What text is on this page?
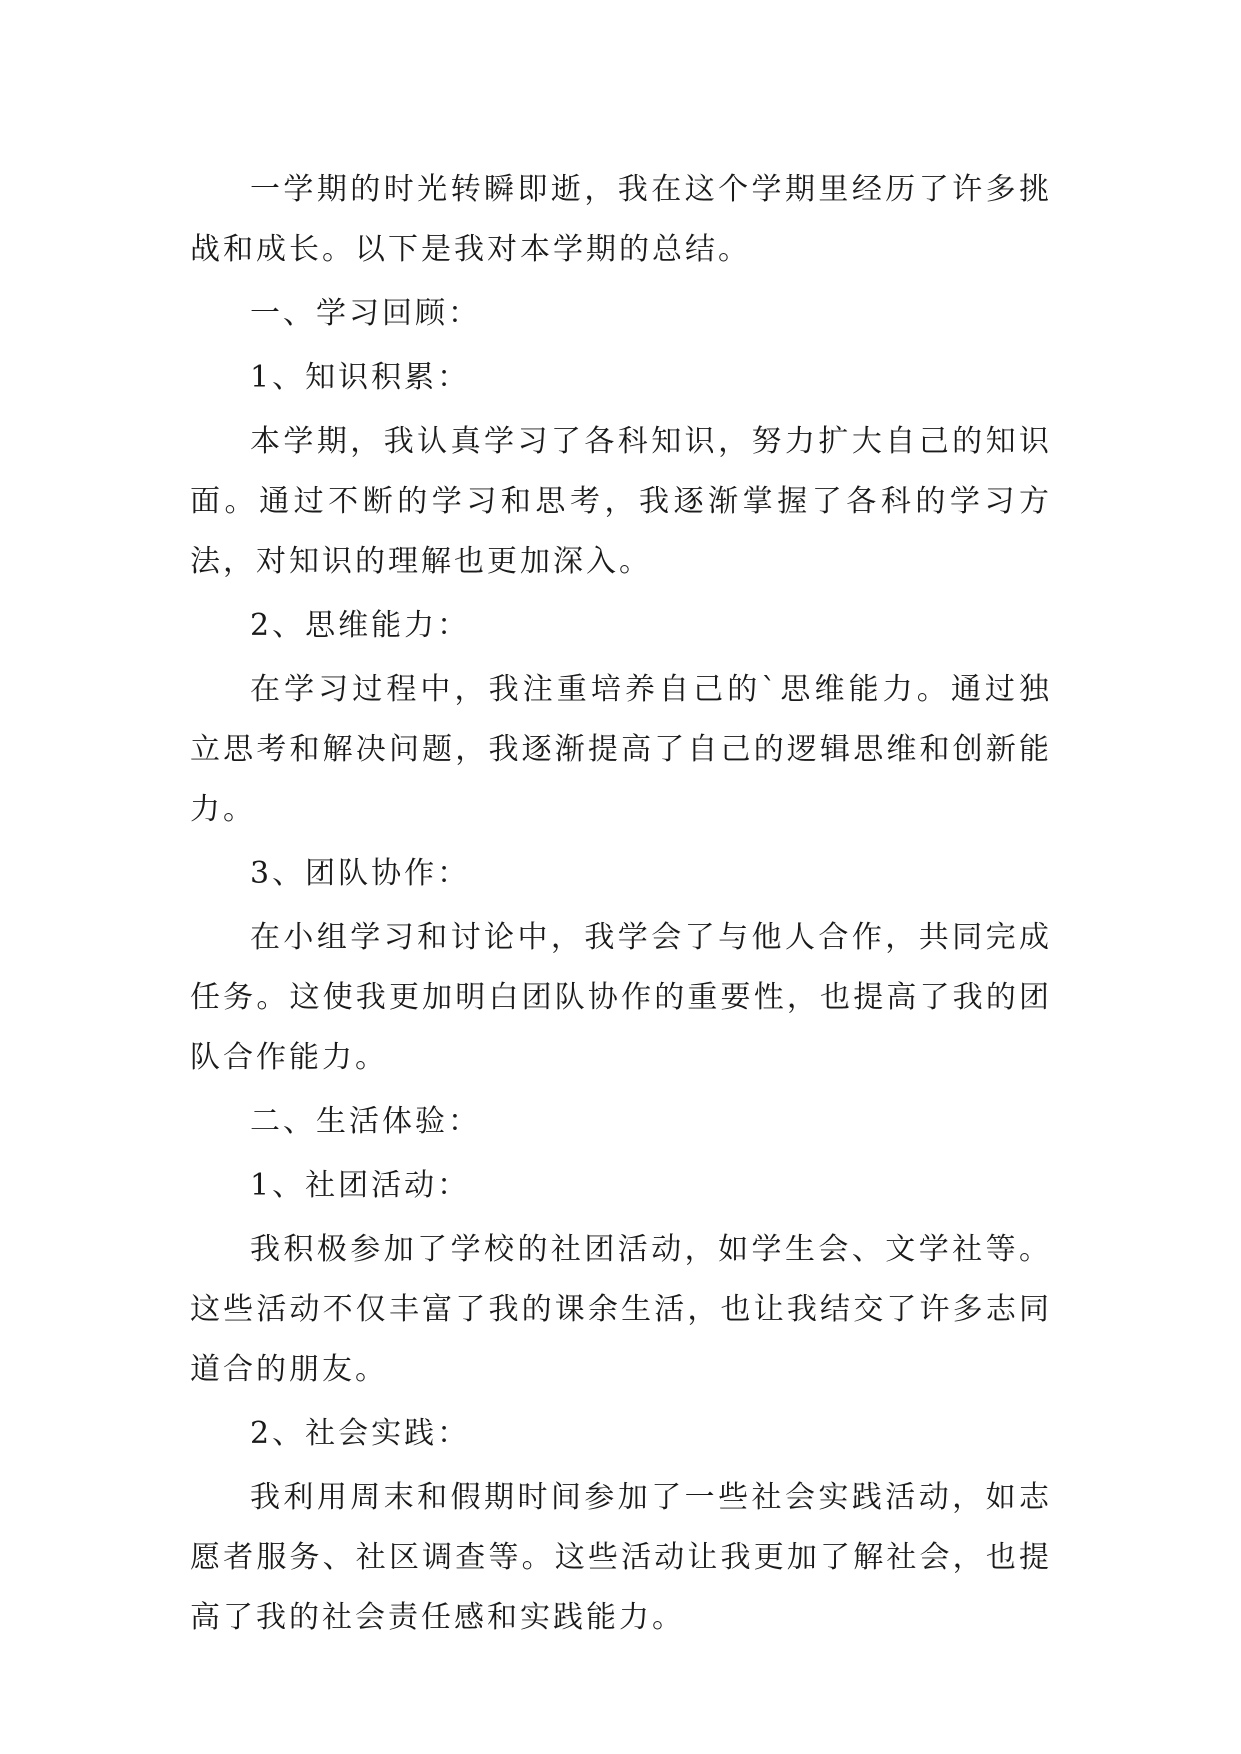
一学期的时光转瞬即逝，我在这个学期里经历了许多挑战和成长。以下是我对本学期的总结。

一、学习回顾：

1、知识积累：

本学期，我认真学习了各科知识，努力扩大自己的知识面。通过不断的学习和思考，我逐渐掌握了各科的学习方法，对知识的理解也更加深入。

2、思维能力：

在学习过程中，我注重培养自己的`思维能力。通过独立思考和解决问题，我逐渐提高了自己的逻辑思维和创新能力。

3、团队协作：

在小组学习和讨论中，我学会了与他人合作，共同完成任务。这使我更加明白团队协作的重要性，也提高了我的团队合作能力。

二、生活体验：

1、社团活动：

我积极参加了学校的社团活动，如学生会、文学社等。这些活动不仅丰富了我的课余生活，也让我结交了许多志同道合的朋友。

2、社会实践：

我利用周末和假期时间参加了一些社会实践活动，如志愿者服务、社区调查等。这些活动让我更加了解社会，也提高了我的社会责任感和实践能力。
